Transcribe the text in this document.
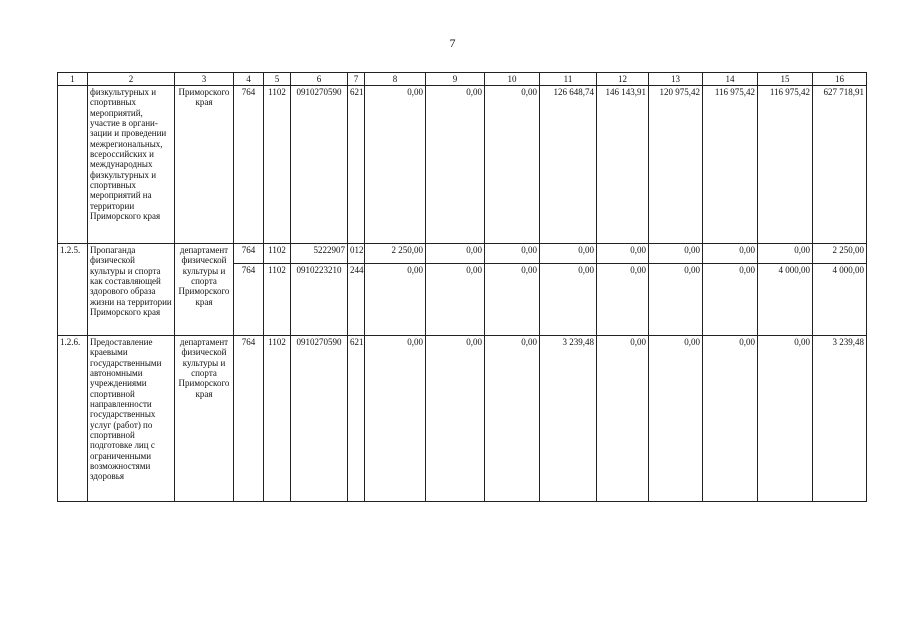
7
1	2	3	4	5	6	7	8	9	10	11	12	13	14	15	16
	физкультурных и спортивных мероприятий, участие в органи-зации и проведении межрегиональных, всероссийских и международных физкультурных и спортивных мероприятий на территории Приморского края	Приморского края	764	1102	0910270590	621	0,00	0,00	0,00	126 648,74	146 143,91	120 975,42	116 975,42	116 975,42	627 718,91
1.2.5.	Пропаганда физической культуры и спорта как составляющей здорового образа жизни на территории Приморского края	департамент физической культуры и спорта Приморского края	764	1102	5222907	012	2 250,00	0,00	0,00	0,00	0,00	0,00	0,00	0,00	2 250,00
			764	1102	0910223210	244	0,00	0,00	0,00	0,00	0,00	0,00	0,00	4 000,00	4 000,00
1.2.6.	Предоставление краевыми государственными автономными учреждениями спортивной направленности государственных услуг (работ) по спортивной подготовке лиц с ограниченными возможностями здоровья	департамент физической культуры и спорта Приморского края	764	1102	0910270590	621	0,00	0,00	0,00	3 239,48	0,00	0,00	0,00	0,00	3 239,48
